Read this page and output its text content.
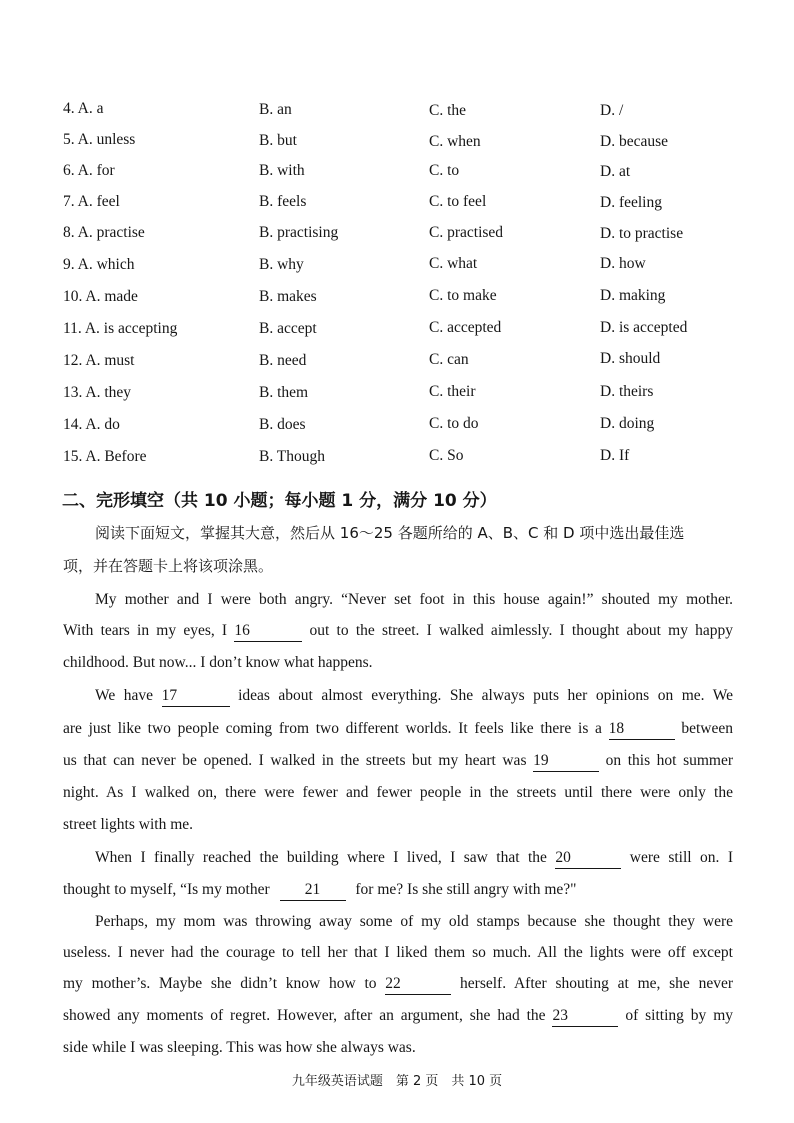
4. A. a	B. an	C. the	D. /
5. A. unless	B. but	C. when	D. because
6. A. for	B. with	C. to	D. at
7. A. feel	B. feels	C. to feel	D. feeling
8. A. practise	B. practising	C. practised	D. to practise
9. A. which	B. why	C. what	D. how
10. A. made	B. makes	C. to make	D. making
11. A. is accepting	B. accept	C. accepted	D. is accepted
12. A. must	B. need	C. can	D. should
13. A. they	B. them	C. their	D. theirs
14. A. do	B. does	C. to do	D. doing
15. A. Before	B. Though	C. So	D. If
二、完形填空（共 10 小题；每小题 1 分，满分 10 分）
阅读下面短文，掌握其大意，然后从 16～25 各题所给的 A、B、C 和 D 项中选出最佳选
项，并在答题卡上将该项涂黑。
My mother and I were both angry. “Never set foot in this house again!” shouted my mother.
With tears in my eyes, I 16	out to the street. I walked aimlessly. I thought about my happy
childhood. But now... I don’t know what happens.
We have 17	ideas about almost everything. She always puts her opinions on me. We
are just like two people coming from two different worlds. It feels like there is a 18	between
us that can never be opened. I walked in the streets but my heart was 19	on this hot summer
night. As I walked on, there were fewer and fewer people in the streets until there were only the
street lights with me.
When I finally reached the building where I lived, I saw that the 20	were still on. I
thought to myself, “Is my mother 21 for me? Is she still angry with me?"
Perhaps, my mom was throwing away some of my old stamps because she thought they were
useless. I never had the courage to tell her that I liked them so much. All the lights were off except
my mother’s. Maybe she didn’t know how to 22	herself. After shouting at me, she never
showed any moments of regret. However, after an argument, she had the 23	of sitting by my
side while I was sleeping. This was how she always was.
九年级英语试题　第 2 页　共 10 页
